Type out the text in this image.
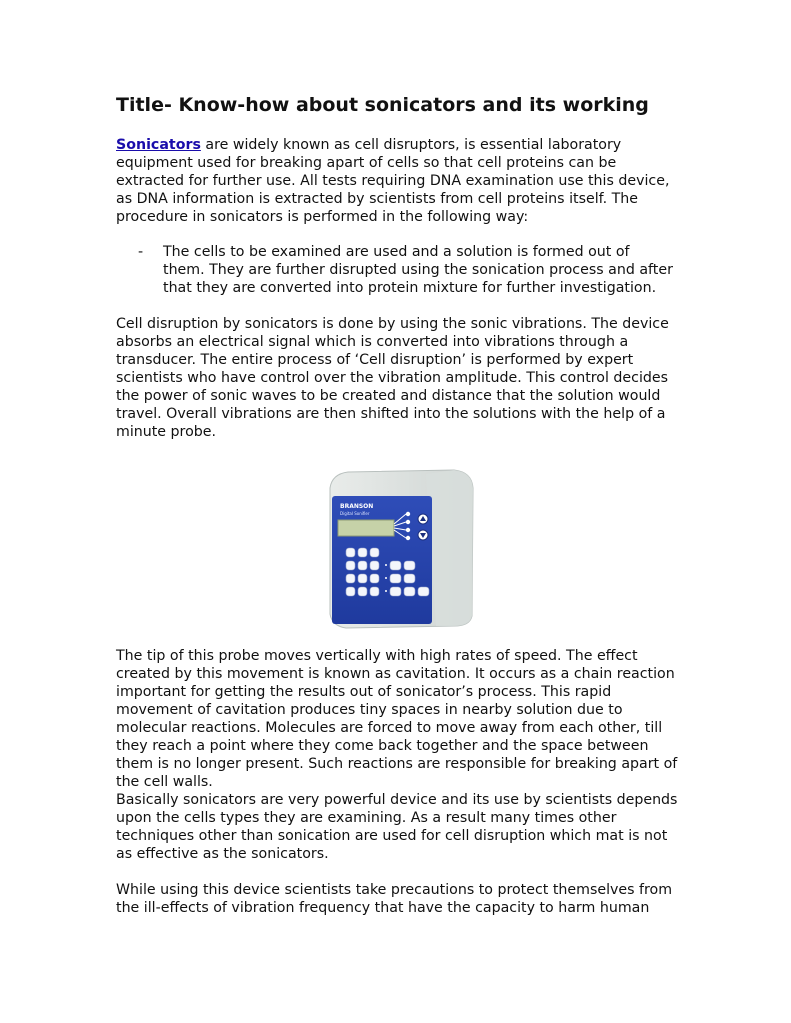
Title- Know-how about sonicators and its working

Sonicators are widely known as cell disruptors, is essential laboratory equipment used for breaking apart of cells so that cell proteins can be extracted for further use. All tests requiring DNA examination use this device, as DNA information is extracted by scientists from cell proteins itself. The procedure in sonicators is performed in the following way:

- The cells to be examined are used and a solution is formed out of them. They are further disrupted using the sonication process and after that they are converted into protein mixture for further investigation.

Cell disruption by sonicators is done by using the sonic vibrations. The device absorbs an electrical signal which is converted into vibrations through a transducer. The entire process of ‘Cell disruption’ is performed by expert scientists who have control over the vibration amplitude. This control decides the power of sonic waves to be created and distance that the solution would travel. Overall vibrations are then shifted into the solutions with the help of a minute probe.

BRANSON
Digital Sonifier

The tip of this probe moves vertically with high rates of speed. The effect created by this movement is known as cavitation. It occurs as a chain reaction important for getting the results out of sonicator’s process. This rapid movement of cavitation produces tiny spaces in nearby solution due to molecular reactions. Molecules are forced to move away from each other, till they reach a point where they come back together and the space between them is no longer present. Such reactions are responsible for breaking apart of the cell walls.

Basically sonicators are very powerful device and its use by scientists depends upon the cells types they are examining. As a result many times other techniques other than sonication are used for cell disruption which mat is not as effective as the sonicators.

While using this device scientists take precautions to protect themselves from the ill-effects of vibration frequency that have the capacity to harm human
